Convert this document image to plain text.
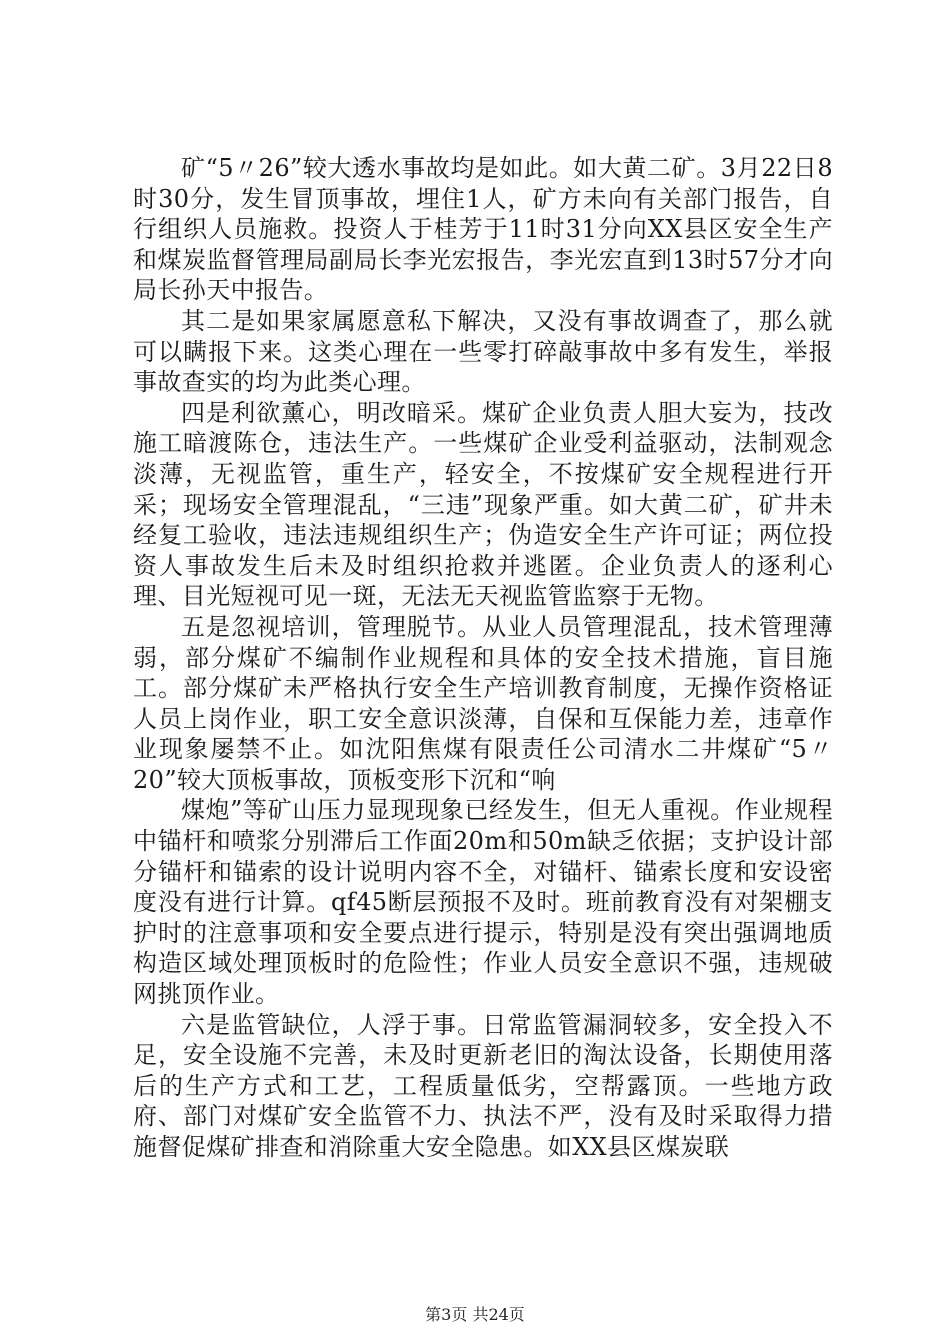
矿“5〃26”较大透水事故均是如此。如大黄二矿。3月22日8时30分，发生冒顶事故，埋住1人，矿方未向有关部门报告，自行组织人员施救。投资人于桂芳于11时31分向XX县区安全生产和煤炭监督管理局副局长李光宏报告，李光宏直到13时57分才向局长孙天中报告。

其二是如果家属愿意私下解决，又没有事故调查了，那么就可以瞒报下来。这类心理在一些零打碎敲事故中多有发生，举报事故查实的均为此类心理。

四是利欲薰心，明改暗采。煤矿企业负责人胆大妄为，技改施工暗渡陈仓，违法生产。一些煤矿企业受利益驱动，法制观念淡薄，无视监管，重生产，轻安全，不按煤矿安全规程进行开采；现场安全管理混乱，“三违”现象严重。如大黄二矿，矿井未经复工验收，违法违规组织生产；伪造安全生产许可证；两位投资人事故发生后未及时组织抢救并逃匿。企业负责人的逐利心理、目光短视可见一斑，无法无天视监管监察于无物。

五是忽视培训，管理脱节。从业人员管理混乱，技术管理薄弱，部分煤矿不编制作业规程和具体的安全技术措施，盲目施工。部分煤矿未严格执行安全生产培训教育制度，无操作资格证人员上岗作业，职工安全意识淡薄，自保和互保能力差，违章作业现象屡禁不止。如沈阳焦煤有限责任公司清水二井煤矿“5〃20”较大顶板事故，顶板变形下沉和“响

煤炮”等矿山压力显现现象已经发生，但无人重视。作业规程中锚杆和喷浆分别滞后工作面20m和50m缺乏依据；支护设计部分锚杆和锚索的设计说明内容不全，对锚杆、锚索长度和安设密度没有进行计算。qf45断层预报不及时。班前教育没有对架棚支护时的注意事项和安全要点进行提示，特别是没有突出强调地质构造区域处理顶板时的危险性；作业人员安全意识不强，违规破网挑顶作业。

六是监管缺位，人浮于事。日常监管漏洞较多，安全投入不足，安全设施不完善，未及时更新老旧的淘汰设备，长期使用落后的生产方式和工艺，工程质量低劣，空帮露顶。一些地方政府、部门对煤矿安全监管不力、执法不严，没有及时采取得力措施督促煤矿排查和消除重大安全隐患。如XX县区煤炭联

第3页 共24页
